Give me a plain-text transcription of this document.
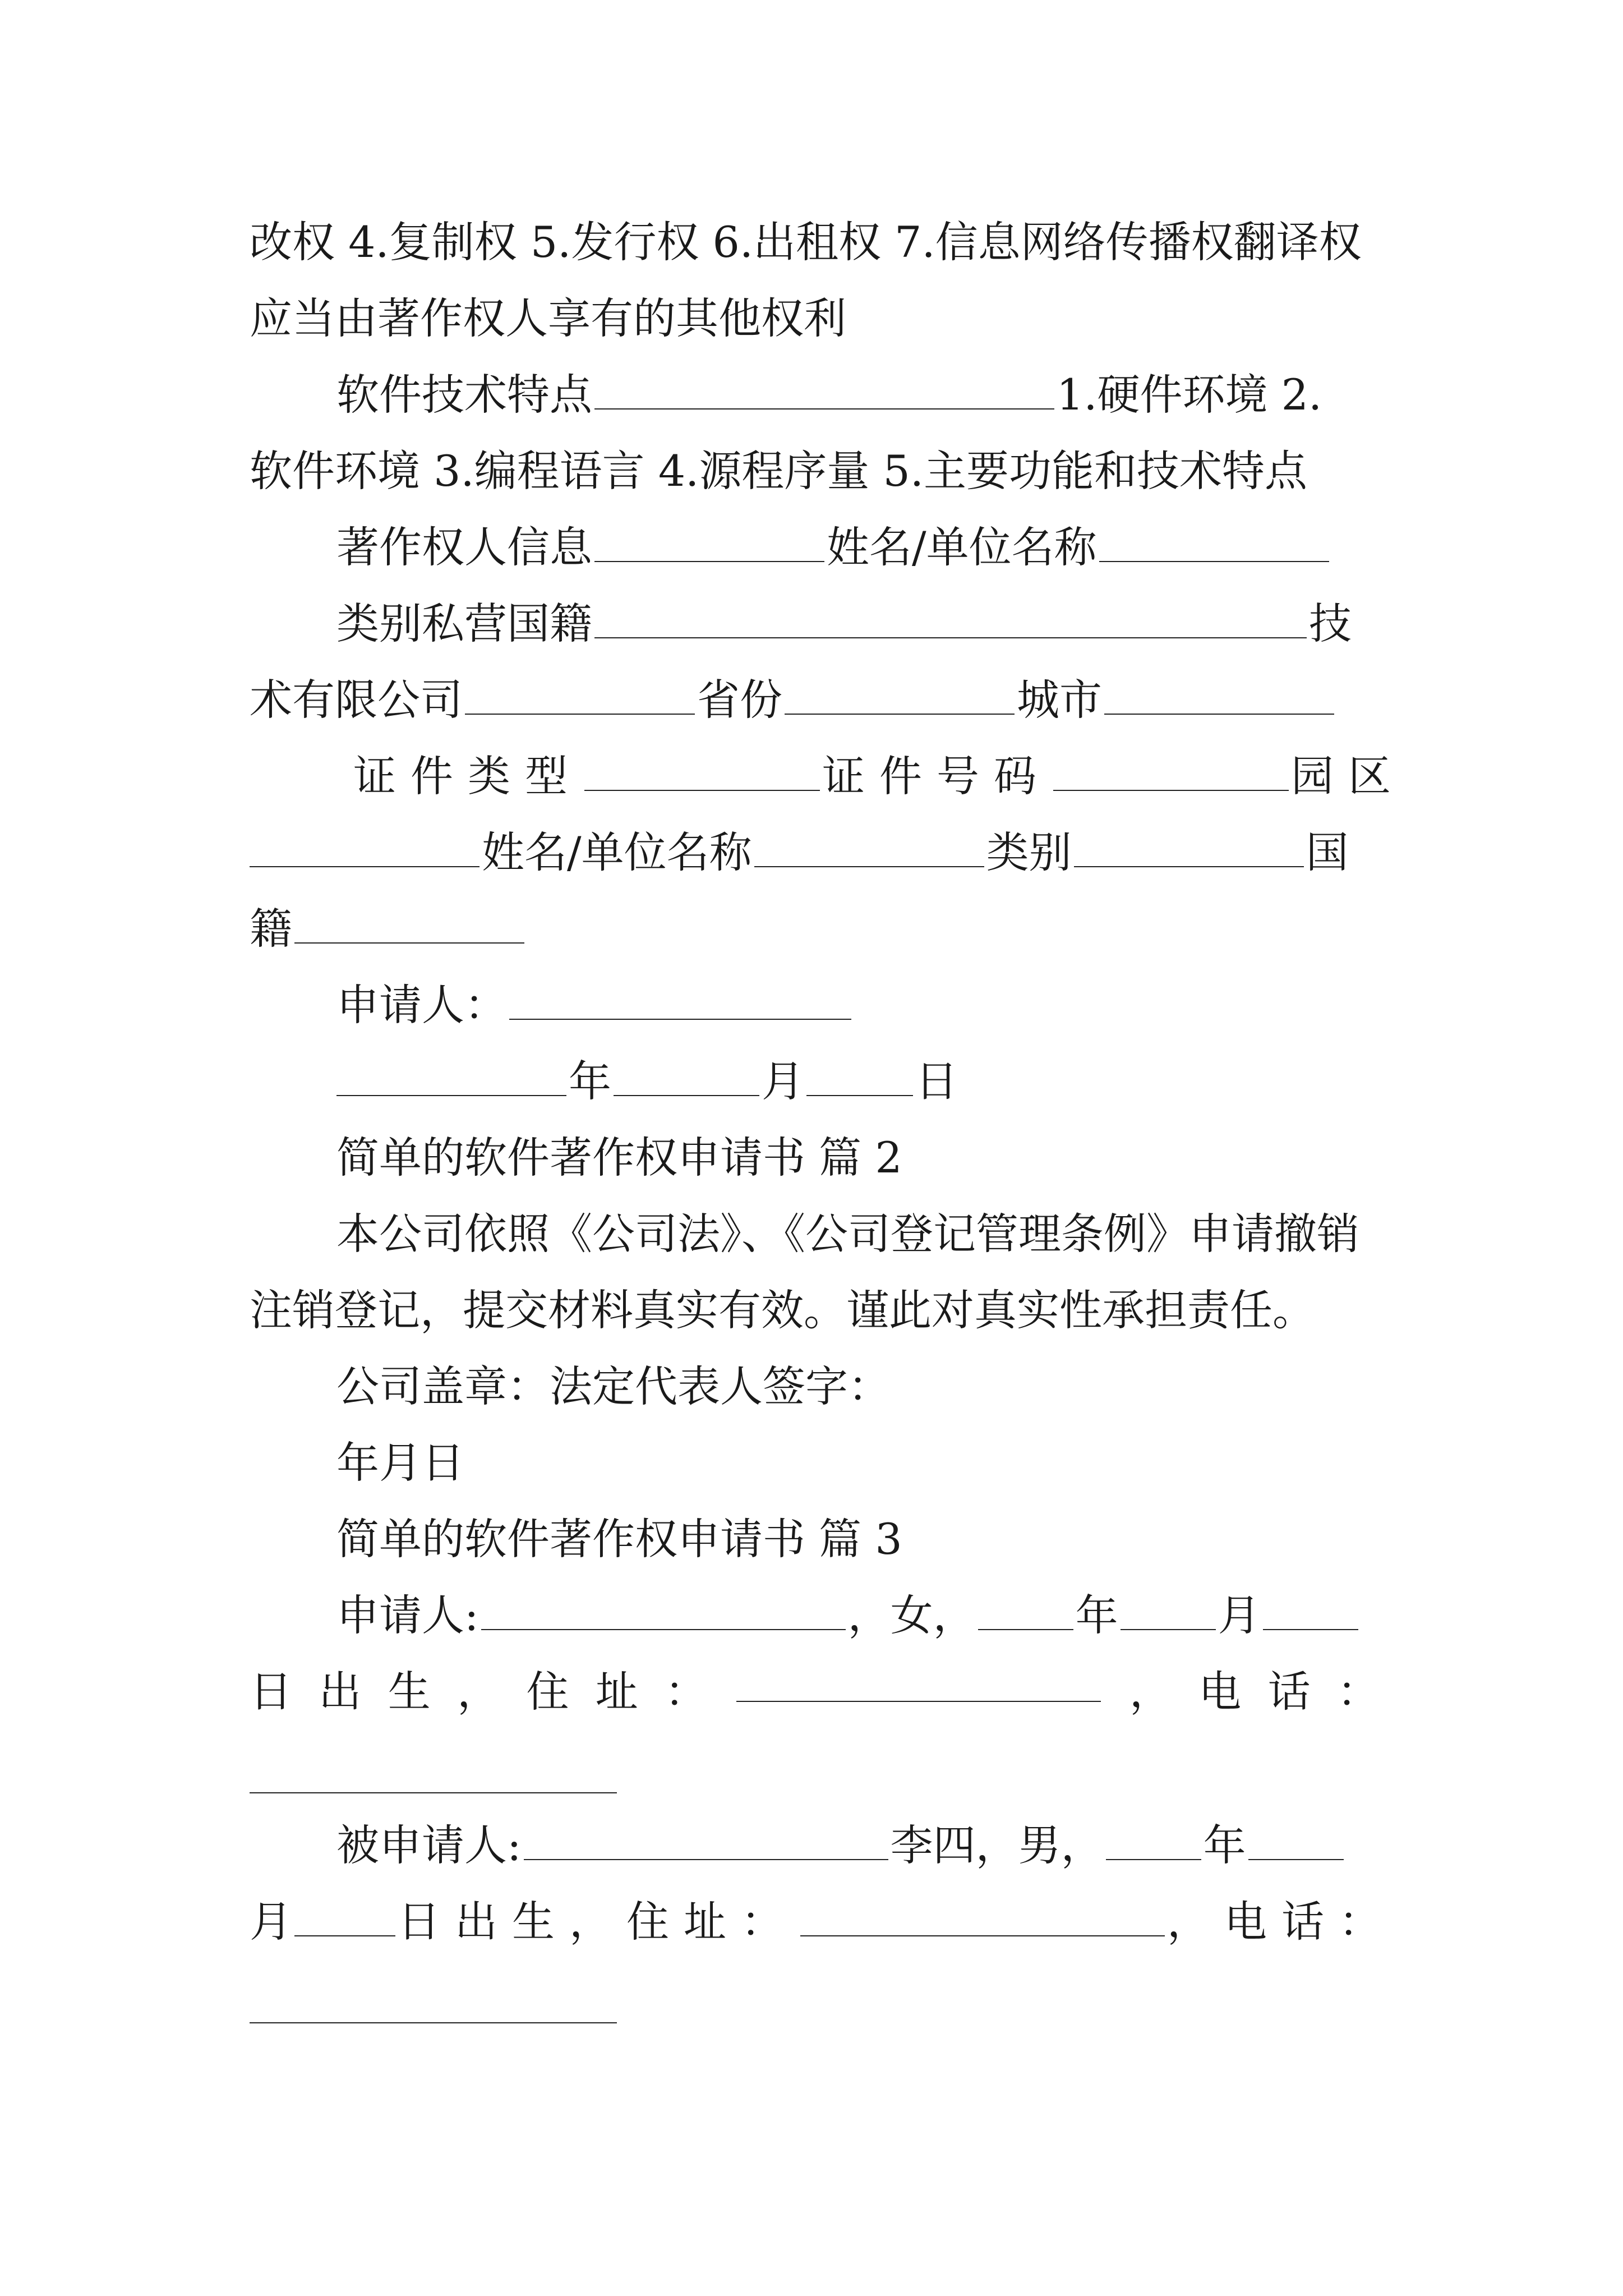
改权 4.复制权 5.发行权 6.出租权 7.信息网络传播权翻译权
应当由著作权人享有的其他权利
软件技术特点	1.硬件环境 2.
软件环境 3.编程语言 4.源程序量 5.主要功能和技术特点
著作权人信息	姓名/单位名称
类别私营国籍	技
术有限公司	省份	城市
证件类型	证件号码	园区
姓名/单位名称	类别	国
籍
申请人：
年	月	日
简单的软件著作权申请书 篇 2
本公司依照《公司法》、《公司登记管理条例》申请撤销
注销登记，提交材料真实有效。谨此对真实性承担责任。
公司盖章：法定代表人签字：
年月日
简单的软件著作权申请书 篇 3
申请人:	，女， 年 月
日 出 生 ， 住 址 ：	， 电 话 ：
被申请人:	李四，男， 年
月 日出生，住址：	，电话：
